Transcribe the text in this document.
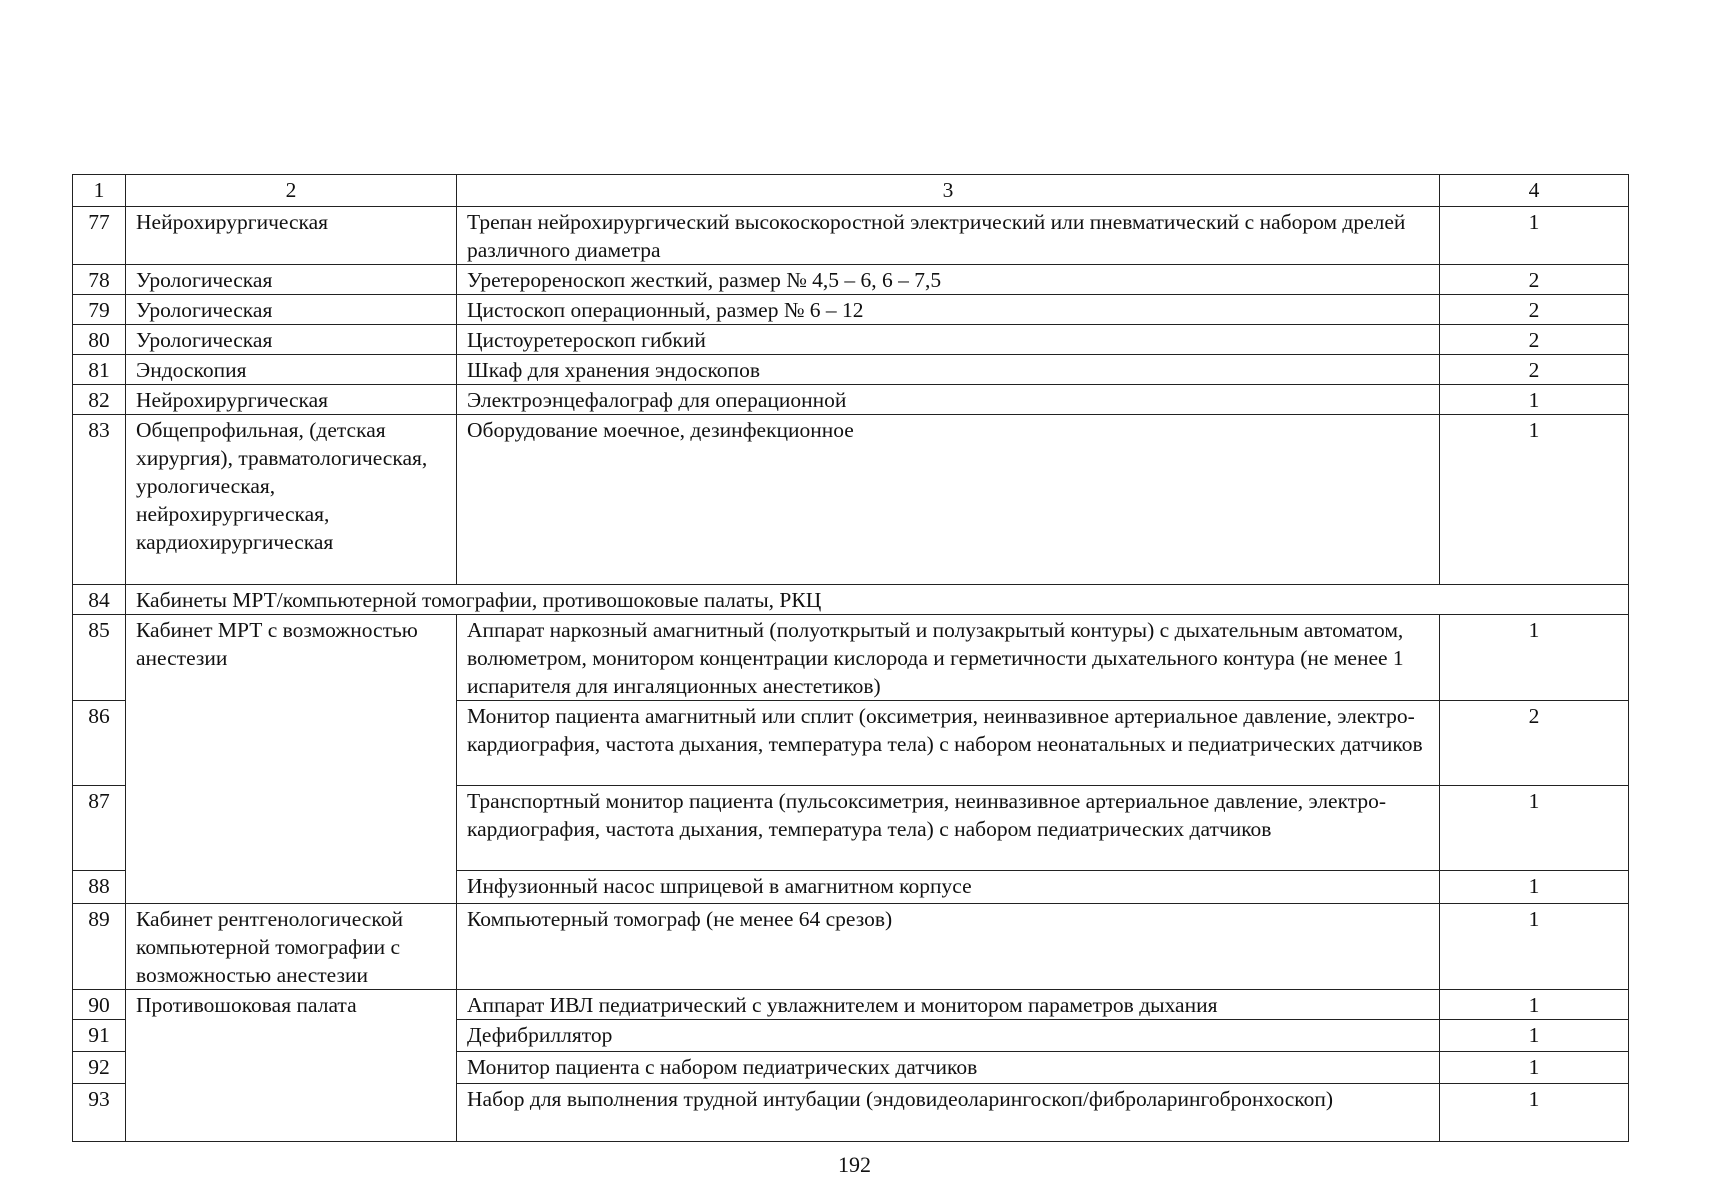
1	2	3	4
77	Нейрохирургическая	Трепан нейрохирургический высокоскоростной электрический или пневматический с набором дрелей различного диаметра	1
78	Урологическая	Уретерореноскоп жесткий, размер № 4,5 – 6, 6 – 7,5	2
79	Урологическая	Цистоскоп операционный, размер № 6 – 12	2
80	Урологическая	Цистоуретероскоп гибкий	2
81	Эндоскопия	Шкаф для хранения эндоскопов	2
82	Нейрохирургическая	Электроэнцефалограф для операционной	1
83	Общепрофильная, (детская хирургия), травматологическая, урологическая, нейрохирургическая, кардиохирургическая	Оборудование моечное, дезинфекционное	1
84	Кабинеты МРТ/компьютерной томографии, противошоковые палаты, РКЦ		
85	Кабинет МРТ с возможностью анестезии	Аппарат наркозный амагнитный (полуоткрытый и полузакрытый контуры) с дыхательным автоматом, волюметром, монитором концентрации кислорода и герметичности дыхательного контура (не менее 1 испарителя для ингаляционных анестетиков)	1
86		Монитор пациента амагнитный или сплит (оксиметрия, неинвазивное артериальное давление, электро-кардиография, частота дыхания, температура тела) с набором неонатальных и педиатрических датчиков	2
87		Транспортный монитор пациента (пульсоксиметрия, неинвазивное артериальное давление, электро-кардиография, частота дыхания, температура тела) с набором педиатрических датчиков	1
88		Инфузионный насос шприцевой в амагнитном корпусе	1
89	Кабинет рентгенологической компьютерной томографии с возможностью анестезии	Компьютерный томограф (не менее 64 срезов)	1
90	Противошоковая палата	Аппарат ИВЛ педиатрический с увлажнителем и монитором параметров дыхания	1
91		Дефибриллятор	1
92		Монитор пациента с набором педиатрических датчиков	1
93		Набор для выполнения трудной интубации (эндовидеоларингоскоп/фиброларингобронхоскоп)	1
192
